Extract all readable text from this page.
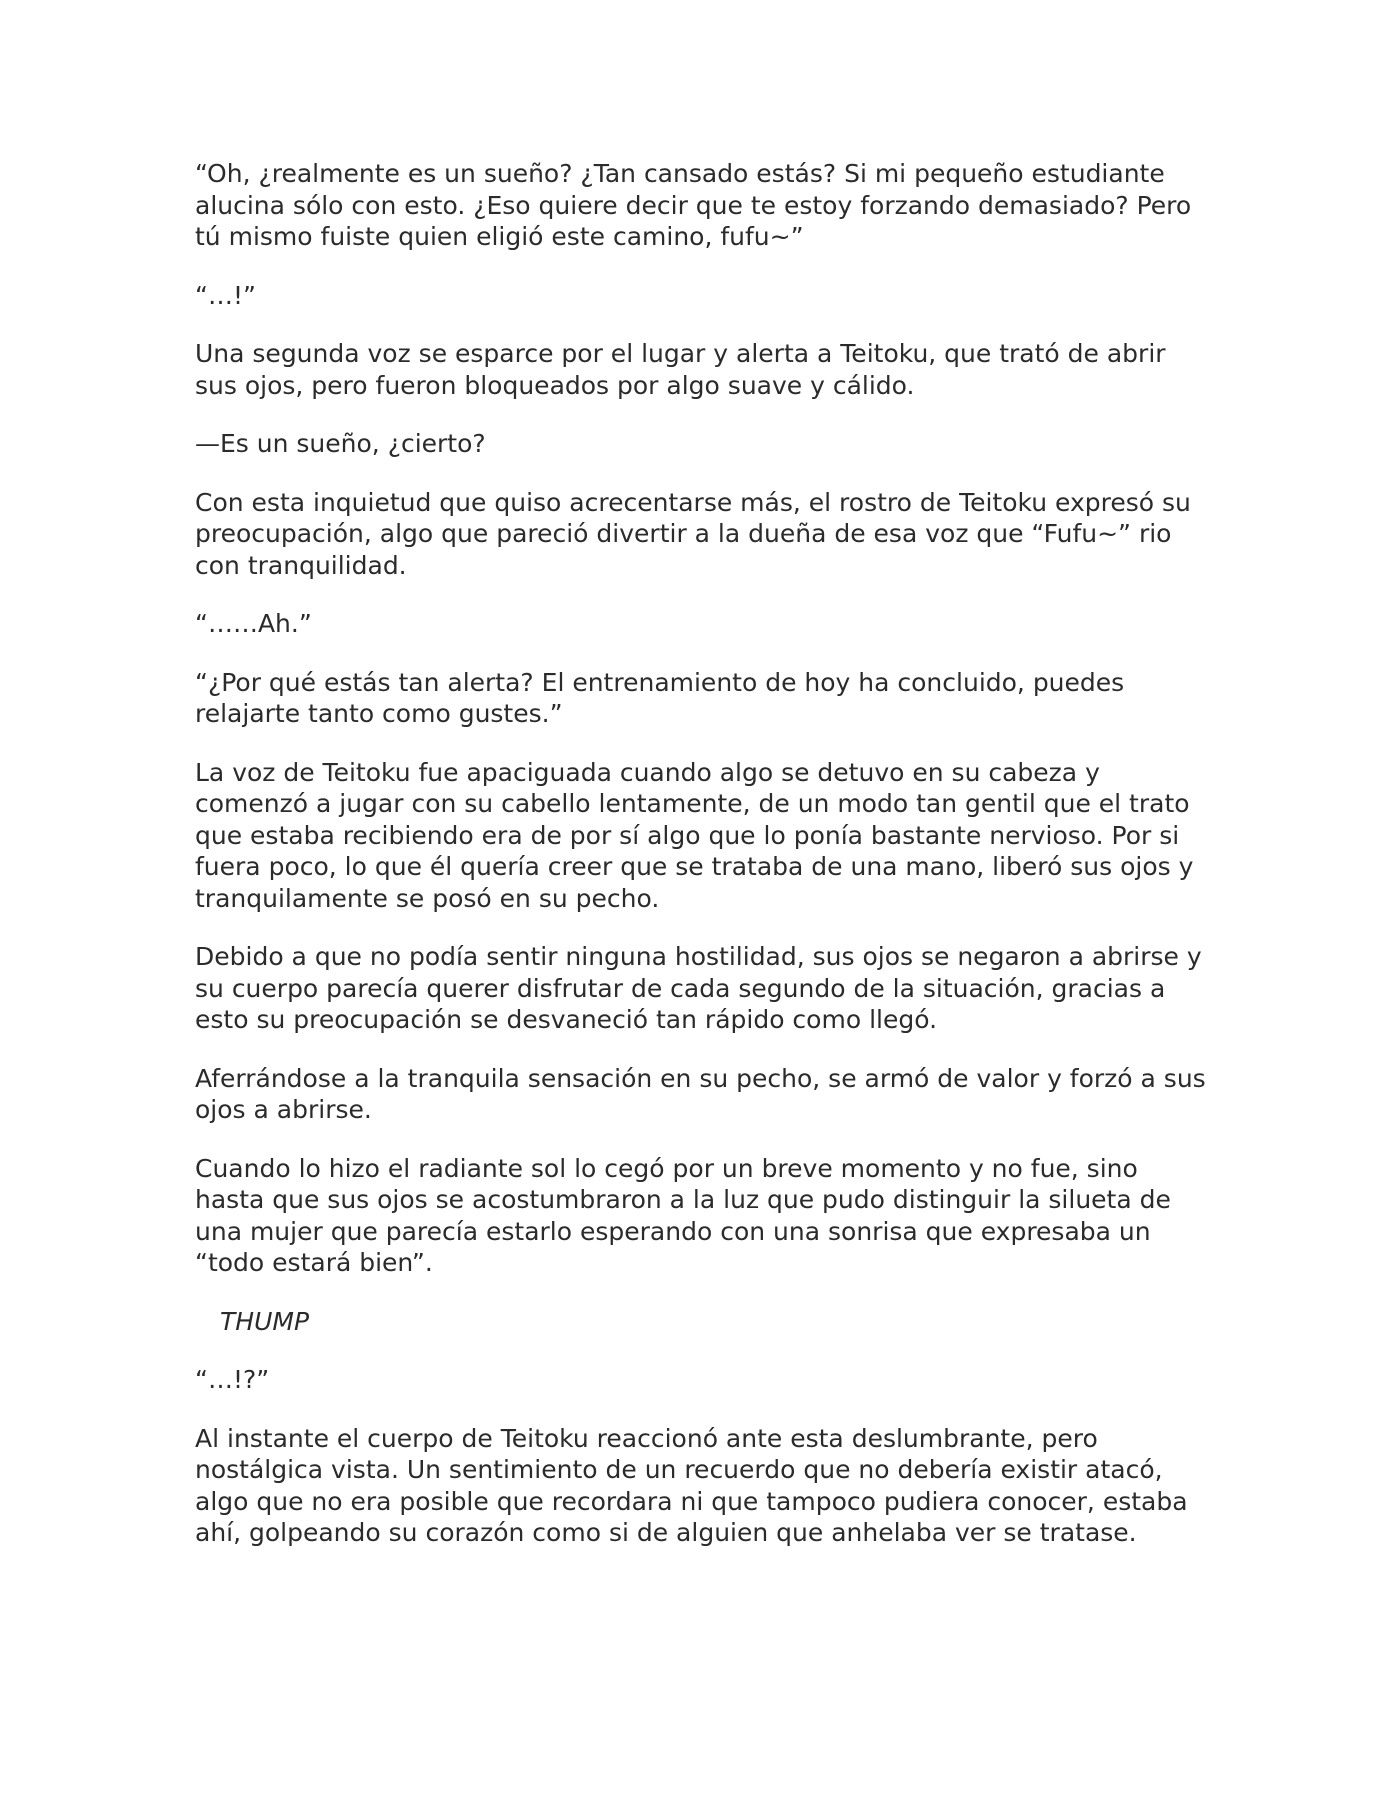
“Oh, ¿realmente es un sueño? ¿Tan cansado estás? Si mi pequeño estudiante alucina sólo con esto. ¿Eso quiere decir que te estoy forzando demasiado? Pero tú mismo fuiste quien eligió este camino, fufu~”

“…!”

Una segunda voz se esparce por el lugar y alerta a Teitoku, que trató de abrir sus ojos, pero fueron bloqueados por algo suave y cálido.

—Es un sueño, ¿cierto?

Con esta inquietud que quiso acrecentarse más, el rostro de Teitoku expresó su preocupación, algo que pareció divertir a la dueña de esa voz que “Fufu~” rio con tranquilidad.

“……Ah.”

“¿Por qué estás tan alerta? El entrenamiento de hoy ha concluido, puedes relajarte tanto como gustes.”

La voz de Teitoku fue apaciguada cuando algo se detuvo en su cabeza y comenzó a jugar con su cabello lentamente, de un modo tan gentil que el trato que estaba recibiendo era de por sí algo que lo ponía bastante nervioso. Por si fuera poco, lo que él quería creer que se trataba de una mano, liberó sus ojos y tranquilamente se posó en su pecho.

Debido a que no podía sentir ninguna hostilidad, sus ojos se negaron a abrirse y su cuerpo parecía querer disfrutar de cada segundo de la situación, gracias a esto su preocupación se desvaneció tan rápido como llegó.

Aferrándose a la tranquila sensación en su pecho, se armó de valor y forzó a sus ojos a abrirse.

Cuando lo hizo el radiante sol lo cegó por un breve momento y no fue, sino hasta que sus ojos se acostumbraron a la luz que pudo distinguir la silueta de una mujer que parecía estarlo esperando con una sonrisa que expresaba un “todo estará bien”.

THUMP

“…!?”

Al instante el cuerpo de Teitoku reaccionó ante esta deslumbrante, pero nostálgica vista. Un sentimiento de un recuerdo que no debería existir atacó, algo que no era posible que recordara ni que tampoco pudiera conocer, estaba ahí, golpeando su corazón como si de alguien que anhelaba ver se tratase.
